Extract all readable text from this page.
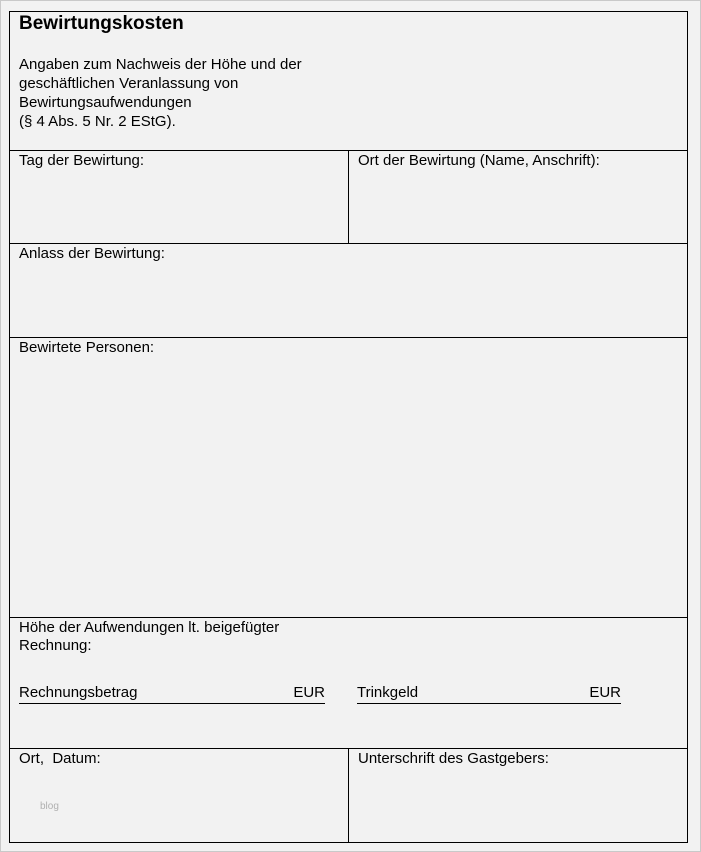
Bewirtungskosten
Angaben zum Nachweis der Höhe und der
geschäftlichen Veranlassung von
Bewirtungsaufwendungen
(§ 4 Abs. 5 Nr. 2 EStG).
Tag der Bewirtung:	Ort der Bewirtung (Name, Anschrift):
Anlass der Bewirtung:
Bewirtete Personen:
Höhe der Aufwendungen lt. beigefügter
Rechnung:
Rechnungsbetrag	EUR Trinkgeld	EUR
Ort,  Datum:
blog
Unterschrift des Gastgebers:
